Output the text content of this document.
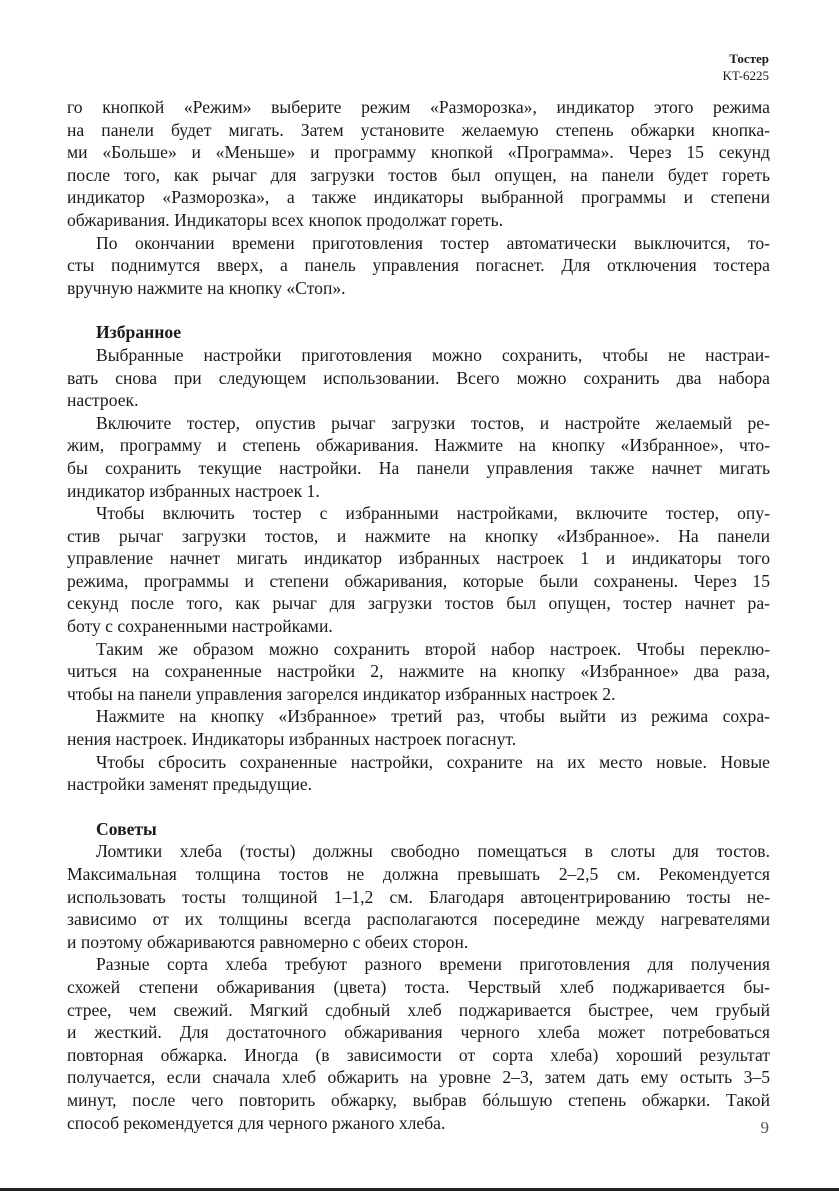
Тостер
KT-6225
го кнопкой «Режим» выберите режим «Разморозка», индикатор этого режима
на панели будет мигать. Затем установите желаемую степень обжарки кнопка-
ми «Больше» и «Меньше» и программу кнопкой «Программа». Через 15 секунд
после того, как рычаг для загрузки тостов был опущен, на панели будет гореть
индикатор «Разморозка», а также индикаторы выбранной программы и степени
обжаривания. Индикаторы всех кнопок продолжат гореть.
По окончании времени приготовления тостер автоматически выключится, то-
сты поднимутся вверх, а панель управления погаснет. Для отключения тостера
вручную нажмите на кнопку «Стоп».
Избранное
Выбранные настройки приготовления можно сохранить, чтобы не настраи-
вать снова при следующем использовании. Всего можно сохранить два набора
настроек.
Включите тостер, опустив рычаг загрузки тостов, и настройте желаемый ре-
жим, программу и степень обжаривания. Нажмите на кнопку «Избранное», что-
бы сохранить текущие настройки. На панели управления также начнет мигать
индикатор избранных настроек 1.
Чтобы включить тостер с избранными настройками, включите тостер, опу-
стив рычаг загрузки тостов, и нажмите на кнопку «Избранное». На панели
управление начнет мигать индикатор избранных настроек 1 и индикаторы того
режима, программы и степени обжаривания, которые были сохранены. Через 15
секунд после того, как рычаг для загрузки тостов был опущен, тостер начнет ра-
боту с сохраненными настройками.
Таким же образом можно сохранить второй набор настроек. Чтобы переклю-
читься на сохраненные настройки 2, нажмите на кнопку «Избранное» два раза,
чтобы на панели управления загорелся индикатор избранных настроек 2.
Нажмите на кнопку «Избранное» третий раз, чтобы выйти из режима сохра-
нения настроек. Индикаторы избранных настроек погаснут.
Чтобы сбросить сохраненные настройки, сохраните на их место новые. Новые
настройки заменят предыдущие.
Советы
Ломтики хлеба (тосты) должны свободно помещаться в слоты для тостов.
Максимальная толщина тостов не должна превышать 2–2,5 см. Рекомендуется
использовать тосты толщиной 1–1,2 см. Благодаря автоцентрированию тосты не-
зависимо от их толщины всегда располагаются посередине между нагревателями
и поэтому обжариваются равномерно с обеих сторон.
Разные сорта хлеба требуют разного времени приготовления для получения
схожей степени обжаривания (цвета) тоста. Черствый хлеб поджаривается бы-
стрее, чем свежий. Мягкий сдобный хлеб поджаривается быстрее, чем грубый
и жесткий. Для достаточного обжаривания черного хлеба может потребоваться
повторная обжарка. Иногда (в зависимости от сорта хлеба) хороший результат
получается, если сначала хлеб обжарить на уровне 2–3, затем дать ему остыть 3–5
минут, после чего повторить обжарку, выбрав бóльшую степень обжарки. Такой
способ рекомендуется для черного ржаного хлеба.	9
